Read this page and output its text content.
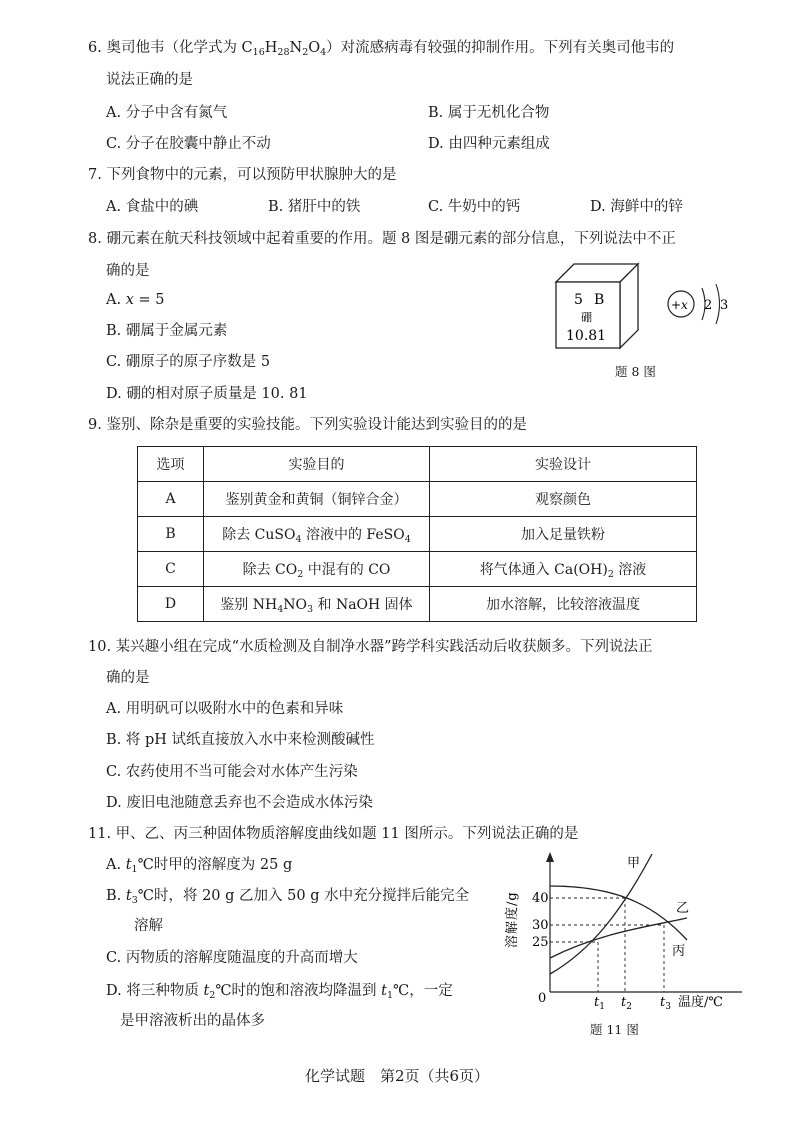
6. 奥司他韦（化学式为 $C_{16}H_{28}N_2O_4$）对流感病毒有较强的抑制作用。下列有关奥司他韦的
说法正确的是
A. 分子中含有氮气	B. 属于无机化合物
C. 分子在胶囊中静止不动	D. 由四种元素组成
7. 下列食物中的元素，可以预防甲状腺肿大的是
A. 食盐中的碘	B. 猪肝中的铁	C. 牛奶中的钙	D. 海鲜中的锌
8. 硼元素在航天科技领域中起着重要的作用。题 8 图是硼元素的部分信息，下列说法中不正
确的是
A. x = 5
B. 硼属于金属元素
C. 硼原子的原子序数是 5
D. 硼的相对原子质量是 10. 81
5 B
硼
10.81
+x 2 3
题 8 图
9. 鉴别、除杂是重要的实验技能。下列实验设计能达到实验目的的是
选项	实验目的	实验设计
A	鉴别黄金和黄铜（铜锌合金）	观察颜色
B	除去 CuSO$_4$ 溶液中的 FeSO$_4$	加入足量铁粉
C	除去 $CO_2$ 中混有的 CO	将气体通入 $Ca(OH)_2$ 溶液
D	鉴别 $NH_4NO_3$ 和 NaOH 固体	加水溶解，比较溶液温度
10. 某兴趣小组在完成“水质检测及自制净水器”跨学科实践活动后收获颇多。下列说法正
确的是
A. 用明矾可以吸附水中的色素和异味
B. 将 pH 试纸直接放入水中来检测酸碱性
C. 农药使用不当可能会对水体产生污染
D. 废旧电池随意丢弃也不会造成水体污染
11. 甲、乙、丙三种固体物质溶解度曲线如题 11 图所示。下列说法正确的是
A. $t_1℃$时甲的溶解度为 25 g
B. $t_3℃$时，将 20 g 乙加入 50 g 水中充分搅拌后能完全
溶解
C. 丙物质的溶解度随温度的升高而增大
D. 将三种物质 $t_2℃$时的饱和溶液均降温到 $t_1℃$，一定
是甲溶液析出的晶体多
溶解度/g
0
40
30
25
甲
乙
丙
$t_1$ $t_2$ $t_3$ 温度/℃
题 11 图
化学试题　第2页（共6页）
